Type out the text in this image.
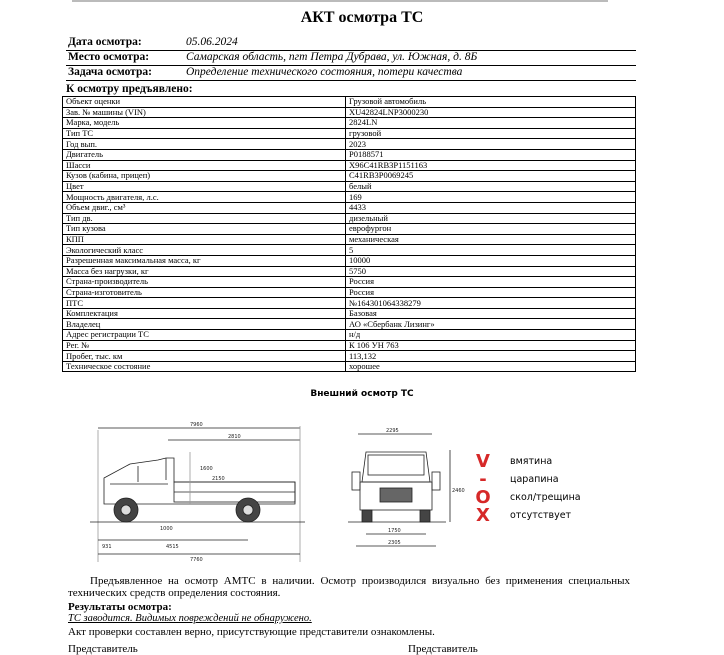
АКТ осмотра ТС
Дата осмотра:	05.06.2024
Место осмотра:	Самарская область, пгт Петра Дубрава, ул. Южная, д. 8Б
Задача осмотра:	Определение технического состояния, потери качества
К осмотру предъявлено:
Объект оценки	Грузовой автомобиль
Зав. № машины (VIN)	XU42824LNP3000230
Марка, модель	2824LN
Тип ТС	грузовой
Год вып.	2023
Двигатель	P0188571
Шасси	X96C41RB3P1151163
Кузов (кабина, прицеп)	C41RB3P0069245
Цвет	белый
Мощность двигателя, л.с.	169
Объем двиг., см³	4433
Тип дв.	дизельный
Тип кузова	еврофургон
КПП	механическая
Экологический класс	5
Разрешенная максимальная масса, кг	10000
Масса без нагрузки, кг	5750
Страна-производитель	Россия
Страна-изготовитель	Россия
ПТС	№164301064338279
Комплектация	Базовая
Владелец	АО «Сбербанк Лизинг»
Адрес регистрации ТС	н/д
Рег. №	К 106 УН 763
Пробег, тыс. км	113,132
Техническое состояние	хорошее
Внешний осмотр ТС
7960
2810
1600
2150
1000
4515
931
7760
2295
1750
2305
2460
V	вмятина
-	царапина
O	скол/трещина
X	отсутствует
Предъявленное на осмотр АМТС в наличии. Осмотр производился визуально без применения специальных технических средств определения состояния.
Результаты осмотра:
ТС заводится. Видимых повреждений не обнаружено.
Акт проверки составлен верно, присутствующие представители ознакомлены.
Представитель	Представитель
